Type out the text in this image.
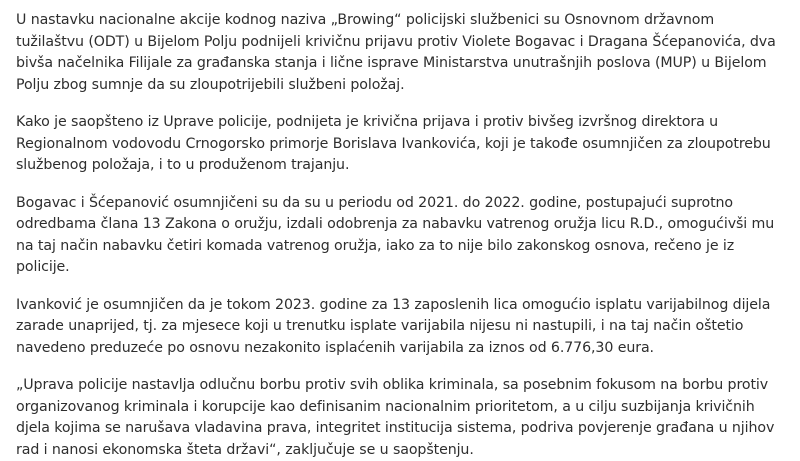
U nastavku nacionalne akcije kodnog naziva „Browing“ policijski službenici su Osnovnom državnom tužilaštvu (ODT) u Bijelom Polju podnijeli krivičnu prijavu protiv Violete Bogavac i Dragana Šćepanovića, dva bivša načelnika Filijale za građanska stanja i lične isprave Ministarstva unutrašnjih poslova (MUP) u Bijelom Polju zbog sumnje da su zloupotrijebili službeni položaj.

Kako je saopšteno iz Uprave policije, podnijeta je krivična prijava i protiv bivšeg izvršnog direktora u Regionalnom vodovodu Crnogorsko primorje Borislava Ivankovića, koji je takođe osumnjičen za zloupotrebu službenog položaja, i to u produženom trajanju.

Bogavac i Šćepanović osumnjičeni su da su u periodu od 2021. do 2022. godine, postupajući suprotno odredbama člana 13 Zakona o oružju, izdali odobrenja za nabavku vatrenog oružja licu R.D., omogućivši mu na taj način nabavku četiri komada vatrenog oružja, iako za to nije bilo zakonskog osnova, rečeno je iz policije.

Ivanković je osumnjičen da je tokom 2023. godine za 13 zaposlenih lica omogućio isplatu varijabilnog dijela zarade unaprijed, tj. za mjesece koji u trenutku isplate varijabila nijesu ni nastupili, i na taj način oštetio navedeno preduzeće po osnovu nezakonito isplaćenih varijabila za iznos od 6.776,30 eura.

„Uprava policije nastavlja odlučnu borbu protiv svih oblika kriminala, sa posebnim fokusom na borbu protiv organizovanog kriminala i korupcije kao definisanim nacionalnim prioritetom, a u cilju suzbijanja krivičnih djela kojima se narušava vladavina prava, integritet institucija sistema, podriva povjerenje građana u njihov rad i nanosi ekonomska šteta državi“, zaključuje se u saopštenju.
